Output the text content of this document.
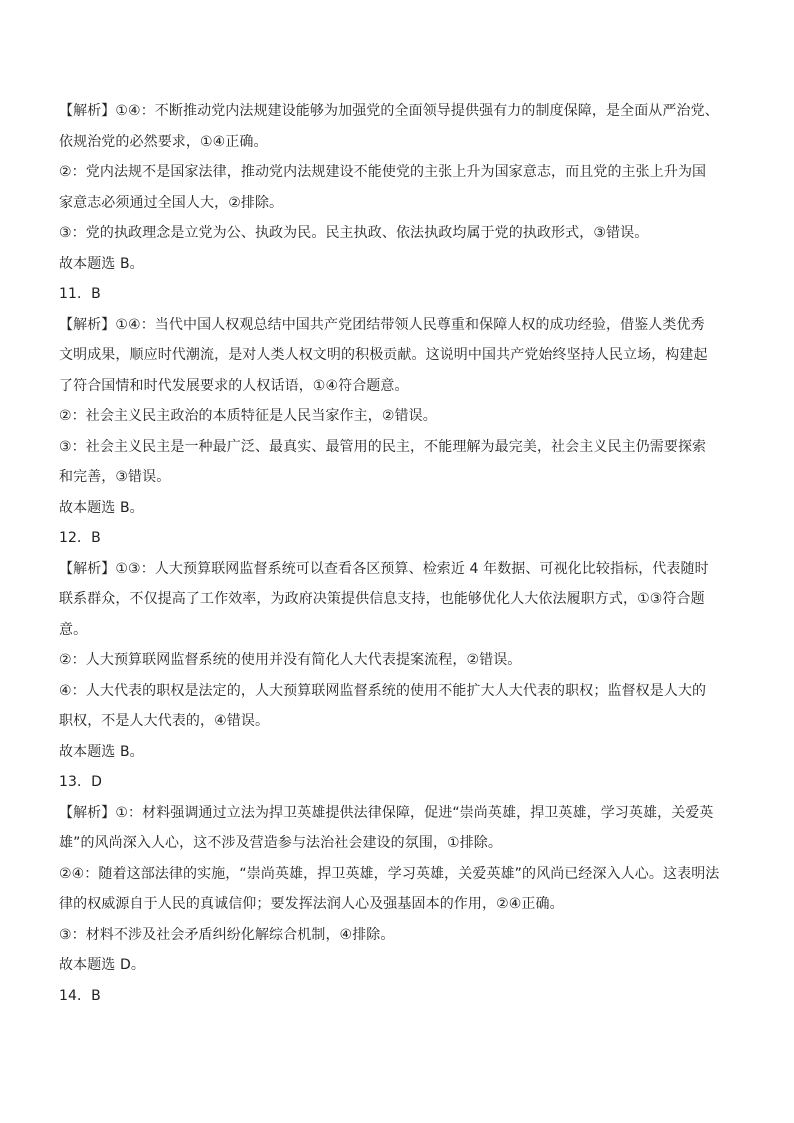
【解析】①④：不断推动党内法规建设能够为加强党的全面领导提供强有力的制度保障，是全面从严治党、
依规治党的必然要求，①④正确。
②：党内法规不是国家法律，推动党内法规建设不能使党的主张上升为国家意志，而且党的主张上升为国
家意志必须通过全国人大，②排除。
③：党的执政理念是立党为公、执政为民。民主执政、依法执政均属于党的执政形式，③错误。
故本题选 B。
11．B
【解析】①④：当代中国人权观总结中国共产党团结带领人民尊重和保障人权的成功经验，借鉴人类优秀
文明成果，顺应时代潮流，是对人类人权文明的积极贡献。这说明中国共产党始终坚持人民立场，构建起
了符合国情和时代发展要求的人权话语，①④符合题意。
②：社会主义民主政治的本质特征是人民当家作主，②错误。
③：社会主义民主是一种最广泛、最真实、最管用的民主，不能理解为最完美，社会主义民主仍需要探索
和完善，③错误。
故本题选 B。
12．B
【解析】①③：人大预算联网监督系统可以查看各区预算、检索近 4 年数据、可视化比较指标，代表随时
联系群众，不仅提高了工作效率，为政府决策提供信息支持，也能够优化人大依法履职方式，①③符合题
意。
②：人大预算联网监督系统的使用并没有简化人大代表提案流程，②错误。
④：人大代表的职权是法定的，人大预算联网监督系统的使用不能扩大人大代表的职权；监督权是人大的
职权，不是人大代表的，④错误。
故本题选 B。
13．D
【解析】①：材料强调通过立法为捍卫英雄提供法律保障，促进“崇尚英雄，捍卫英雄，学习英雄，关爱英
雄”的风尚深入人心，这不涉及营造参与法治社会建设的氛围，①排除。
②④：随着这部法律的实施，“崇尚英雄，捍卫英雄，学习英雄，关爱英雄”的风尚已经深入人心。这表明法
律的权威源自于人民的真诚信仰；要发挥法润人心及强基固本的作用，②④正确。
③：材料不涉及社会矛盾纠纷化解综合机制，④排除。
故本题选 D。
14．B
